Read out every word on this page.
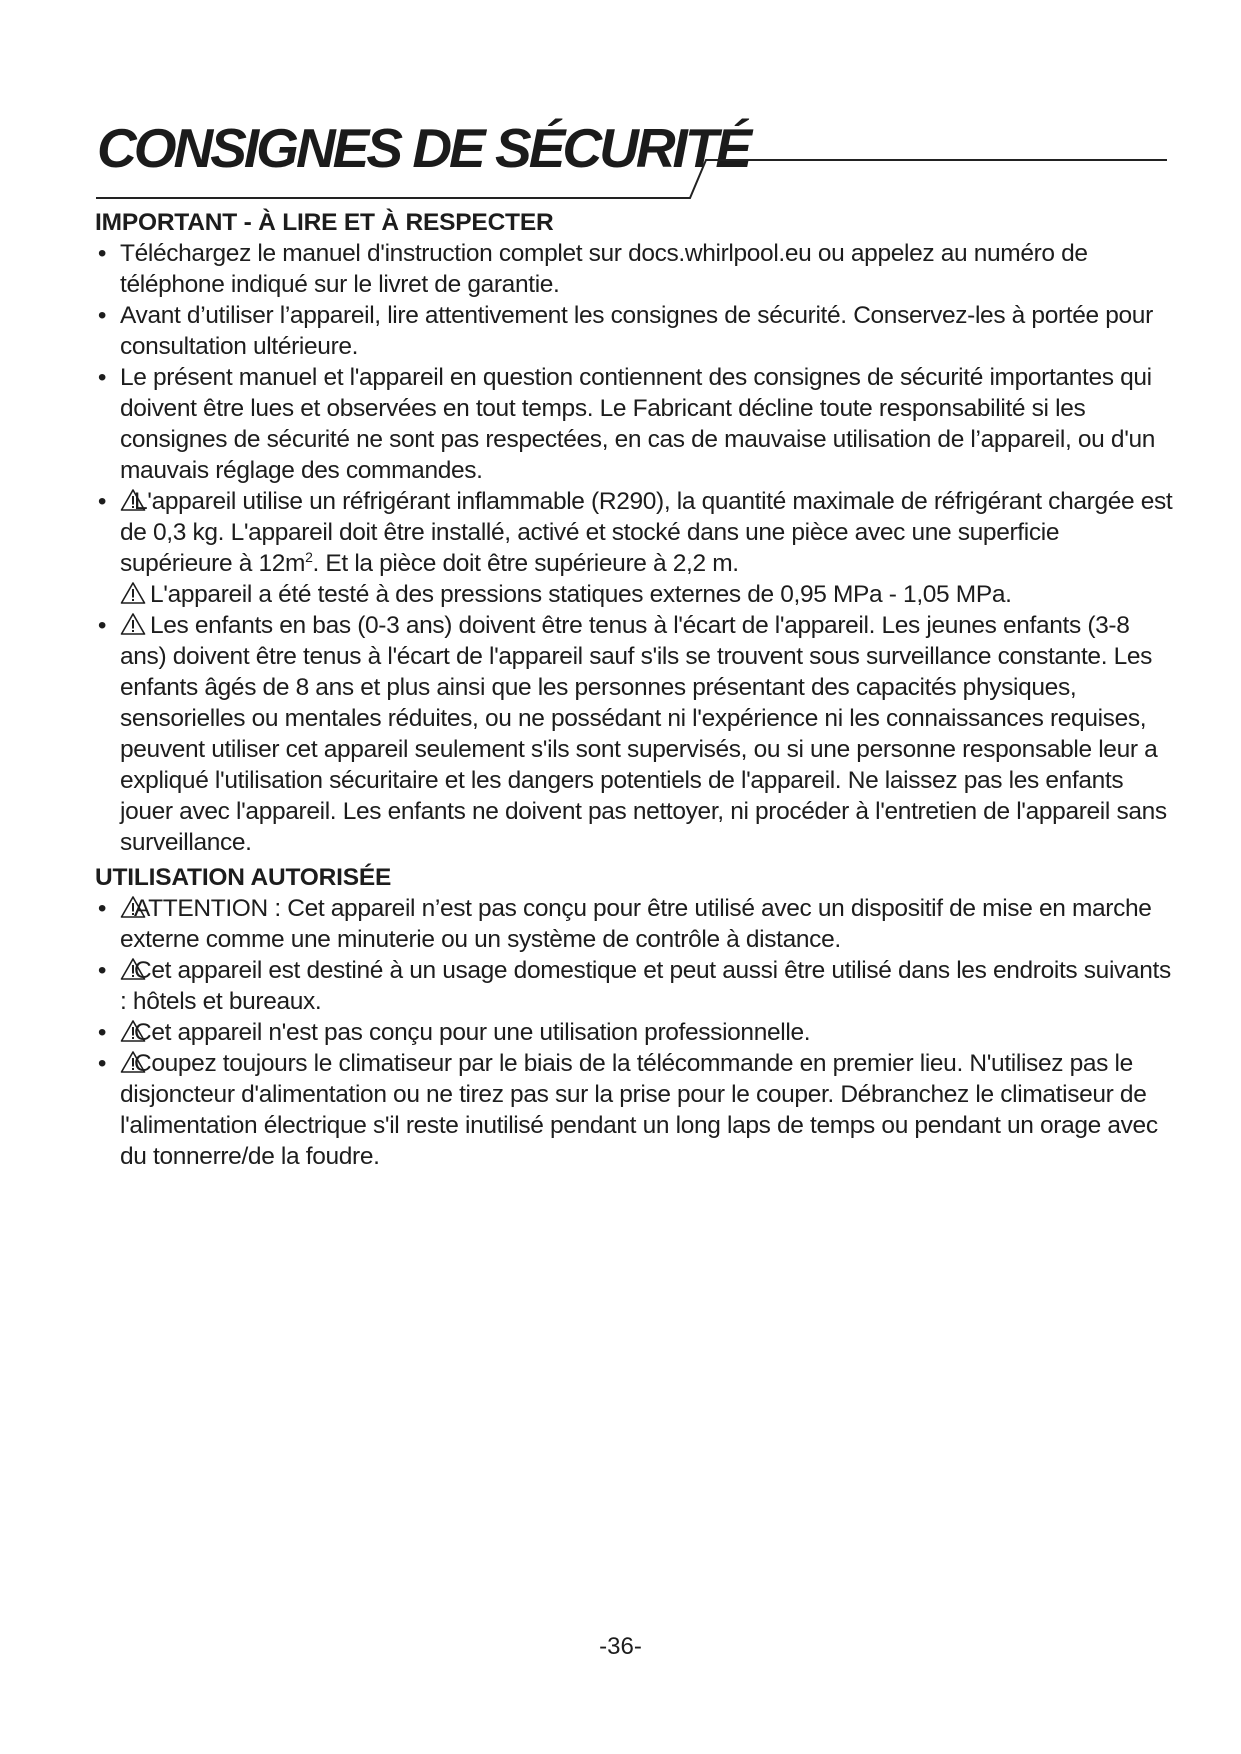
CONSIGNES DE SÉCURITÉ
IMPORTANT - À LIRE ET À RESPECTER
• Téléchargez le manuel d'instruction complet sur docs.whirlpool.eu ou appelez au numéro de téléphone indiqué sur le livret de garantie.
• Avant d’utiliser l’appareil, lire attentivement les consignes de sécurité. Conservez-les à portée pour consultation ultérieure.
• Le présent manuel et l'appareil en question contiennent des consignes de sécurité importantes qui doivent être lues et observées en tout temps. Le Fabricant décline toute responsabilité si les consignes de sécurité ne sont pas respectées, en cas de mauvaise utilisation de l’appareil, ou d'un mauvais réglage des commandes.
• L'appareil utilise un réfrigérant inflammable (R290), la quantité maximale de réfrigérant chargée est de 0,3 kg. L'appareil doit être installé, activé et stocké dans une pièce avec une superficie supérieure à $12m^2$. Et la pièce doit être supérieure à 2,2 m.
L'appareil a été testé à des pressions statiques externes de 0,95 MPa - 1,05 MPa.
• Les enfants en bas (0-3 ans) doivent être tenus à l'écart de l'appareil. Les jeunes enfants (3-8 ans) doivent être tenus à l'écart de l'appareil sauf s'ils se trouvent sous surveillance constante. Les enfants âgés de 8 ans et plus ainsi que les personnes présentant des capacités physiques, sensorielles ou mentales réduites, ou ne possédant ni l'expérience ni les connaissances requises, peuvent utiliser cet appareil seulement s'ils sont supervisés, ou si une personne responsable leur a expliqué l'utilisation sécuritaire et les dangers potentiels de l'appareil. Ne laissez pas les enfants jouer avec l'appareil. Les enfants ne doivent pas nettoyer, ni procéder à l'entretien de l'appareil sans surveillance.
UTILISATION AUTORISÉE
• ATTENTION : Cet appareil n’est pas conçu pour être utilisé avec un dispositif de mise en marche externe comme une minuterie ou un système de contrôle à distance.
• Cet appareil est destiné à un usage domestique et peut aussi être utilisé dans les endroits suivants : hôtels et bureaux.
• Cet appareil n'est pas conçu pour une utilisation professionnelle.
• Coupez toujours le climatiseur par le biais de la télécommande en premier lieu. N'utilisez pas le disjoncteur d'alimentation ou ne tirez pas sur la prise pour le couper. Débranchez le climatiseur de l'alimentation électrique s'il reste inutilisé pendant un long laps de temps ou pendant un orage avec du tonnerre/de la foudre.
-36-
